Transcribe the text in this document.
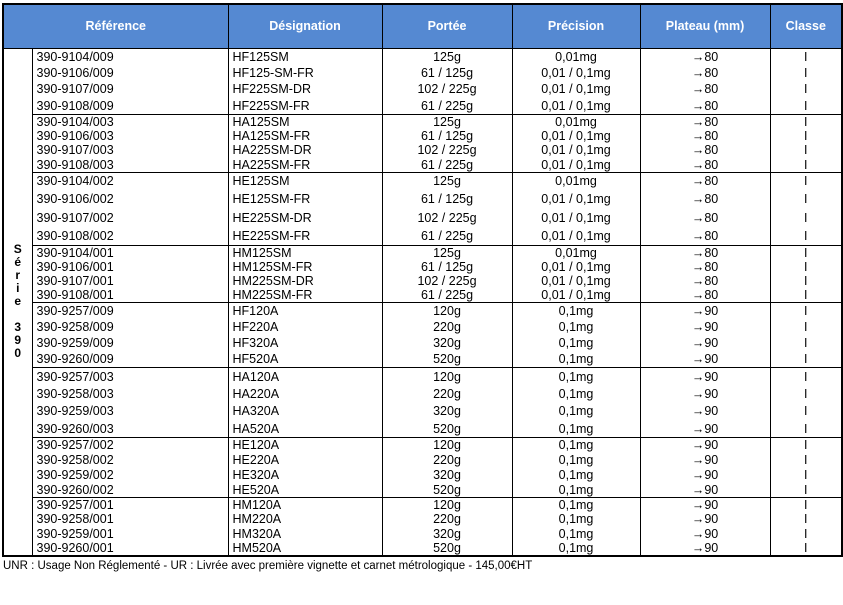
Référence		Désignation	Portée	Précision	Plateau (mm)	Classe

S
é
r
i
e
3
9
0
	390-9104/009	HF125SM	125g	0,01mg	→80	I
	390-9106/009	HF125-SM-FR	61 / 125g	0,01 / 0,1mg	→80	I
	390-9107/009	HF225SM-DR	102 / 225g	0,01 / 0,1mg	→80	I
	390-9108/009	HF225SM-FR	61 / 225g	0,01 / 0,1mg	→80	I
	390-9104/003	HA125SM	125g	0,01mg	→80	I
	390-9106/003	HA125SM-FR	61 / 125g	0,01 / 0,1mg	→80	I
	390-9107/003	HA225SM-DR	102 / 225g	0,01 / 0,1mg	→80	I
	390-9108/003	HA225SM-FR	61 / 225g	0,01 / 0,1mg	→80	I
	390-9104/002	HE125SM	125g	0,01mg	→80	I
	390-9106/002	HE125SM-FR	61 / 125g	0,01 / 0,1mg	→80	I
	390-9107/002	HE225SM-DR	102 / 225g	0,01 / 0,1mg	→80	I
	390-9108/002	HE225SM-FR	61 / 225g	0,01 / 0,1mg	→80	I
	390-9104/001	HM125SM	125g	0,01mg	→80	I
	390-9106/001	HM125SM-FR	61 / 125g	0,01 / 0,1mg	→80	I
	390-9107/001	HM225SM-DR	102 / 225g	0,01 / 0,1mg	→80	I
	390-9108/001	HM225SM-FR	61 / 225g	0,01 / 0,1mg	→80	I
	390-9257/009	HF120A	120g	0,1mg	→90	I
	390-9258/009	HF220A	220g	0,1mg	→90	I
	390-9259/009	HF320A	320g	0,1mg	→90	I
	390-9260/009	HF520A	520g	0,1mg	→90	I
	390-9257/003	HA120A	120g	0,1mg	→90	I
	390-9258/003	HA220A	220g	0,1mg	→90	I
	390-9259/003	HA320A	320g	0,1mg	→90	I
	390-9260/003	HA520A	520g	0,1mg	→90	I
	390-9257/002	HE120A	120g	0,1mg	→90	I
	390-9258/002	HE220A	220g	0,1mg	→90	I
	390-9259/002	HE320A	320g	0,1mg	→90	I
	390-9260/002	HE520A	520g	0,1mg	→90	I
	390-9257/001	HM120A	120g	0,1mg	→90	I
	390-9258/001	HM220A	220g	0,1mg	→90	I
	390-9259/001	HM320A	320g	0,1mg	→90	I
	390-9260/001	HM520A	520g	0,1mg	→90	I
UNR : Usage Non Réglementé - UR : Livrée avec première vignette et carnet métrologique - 145,00€HT
